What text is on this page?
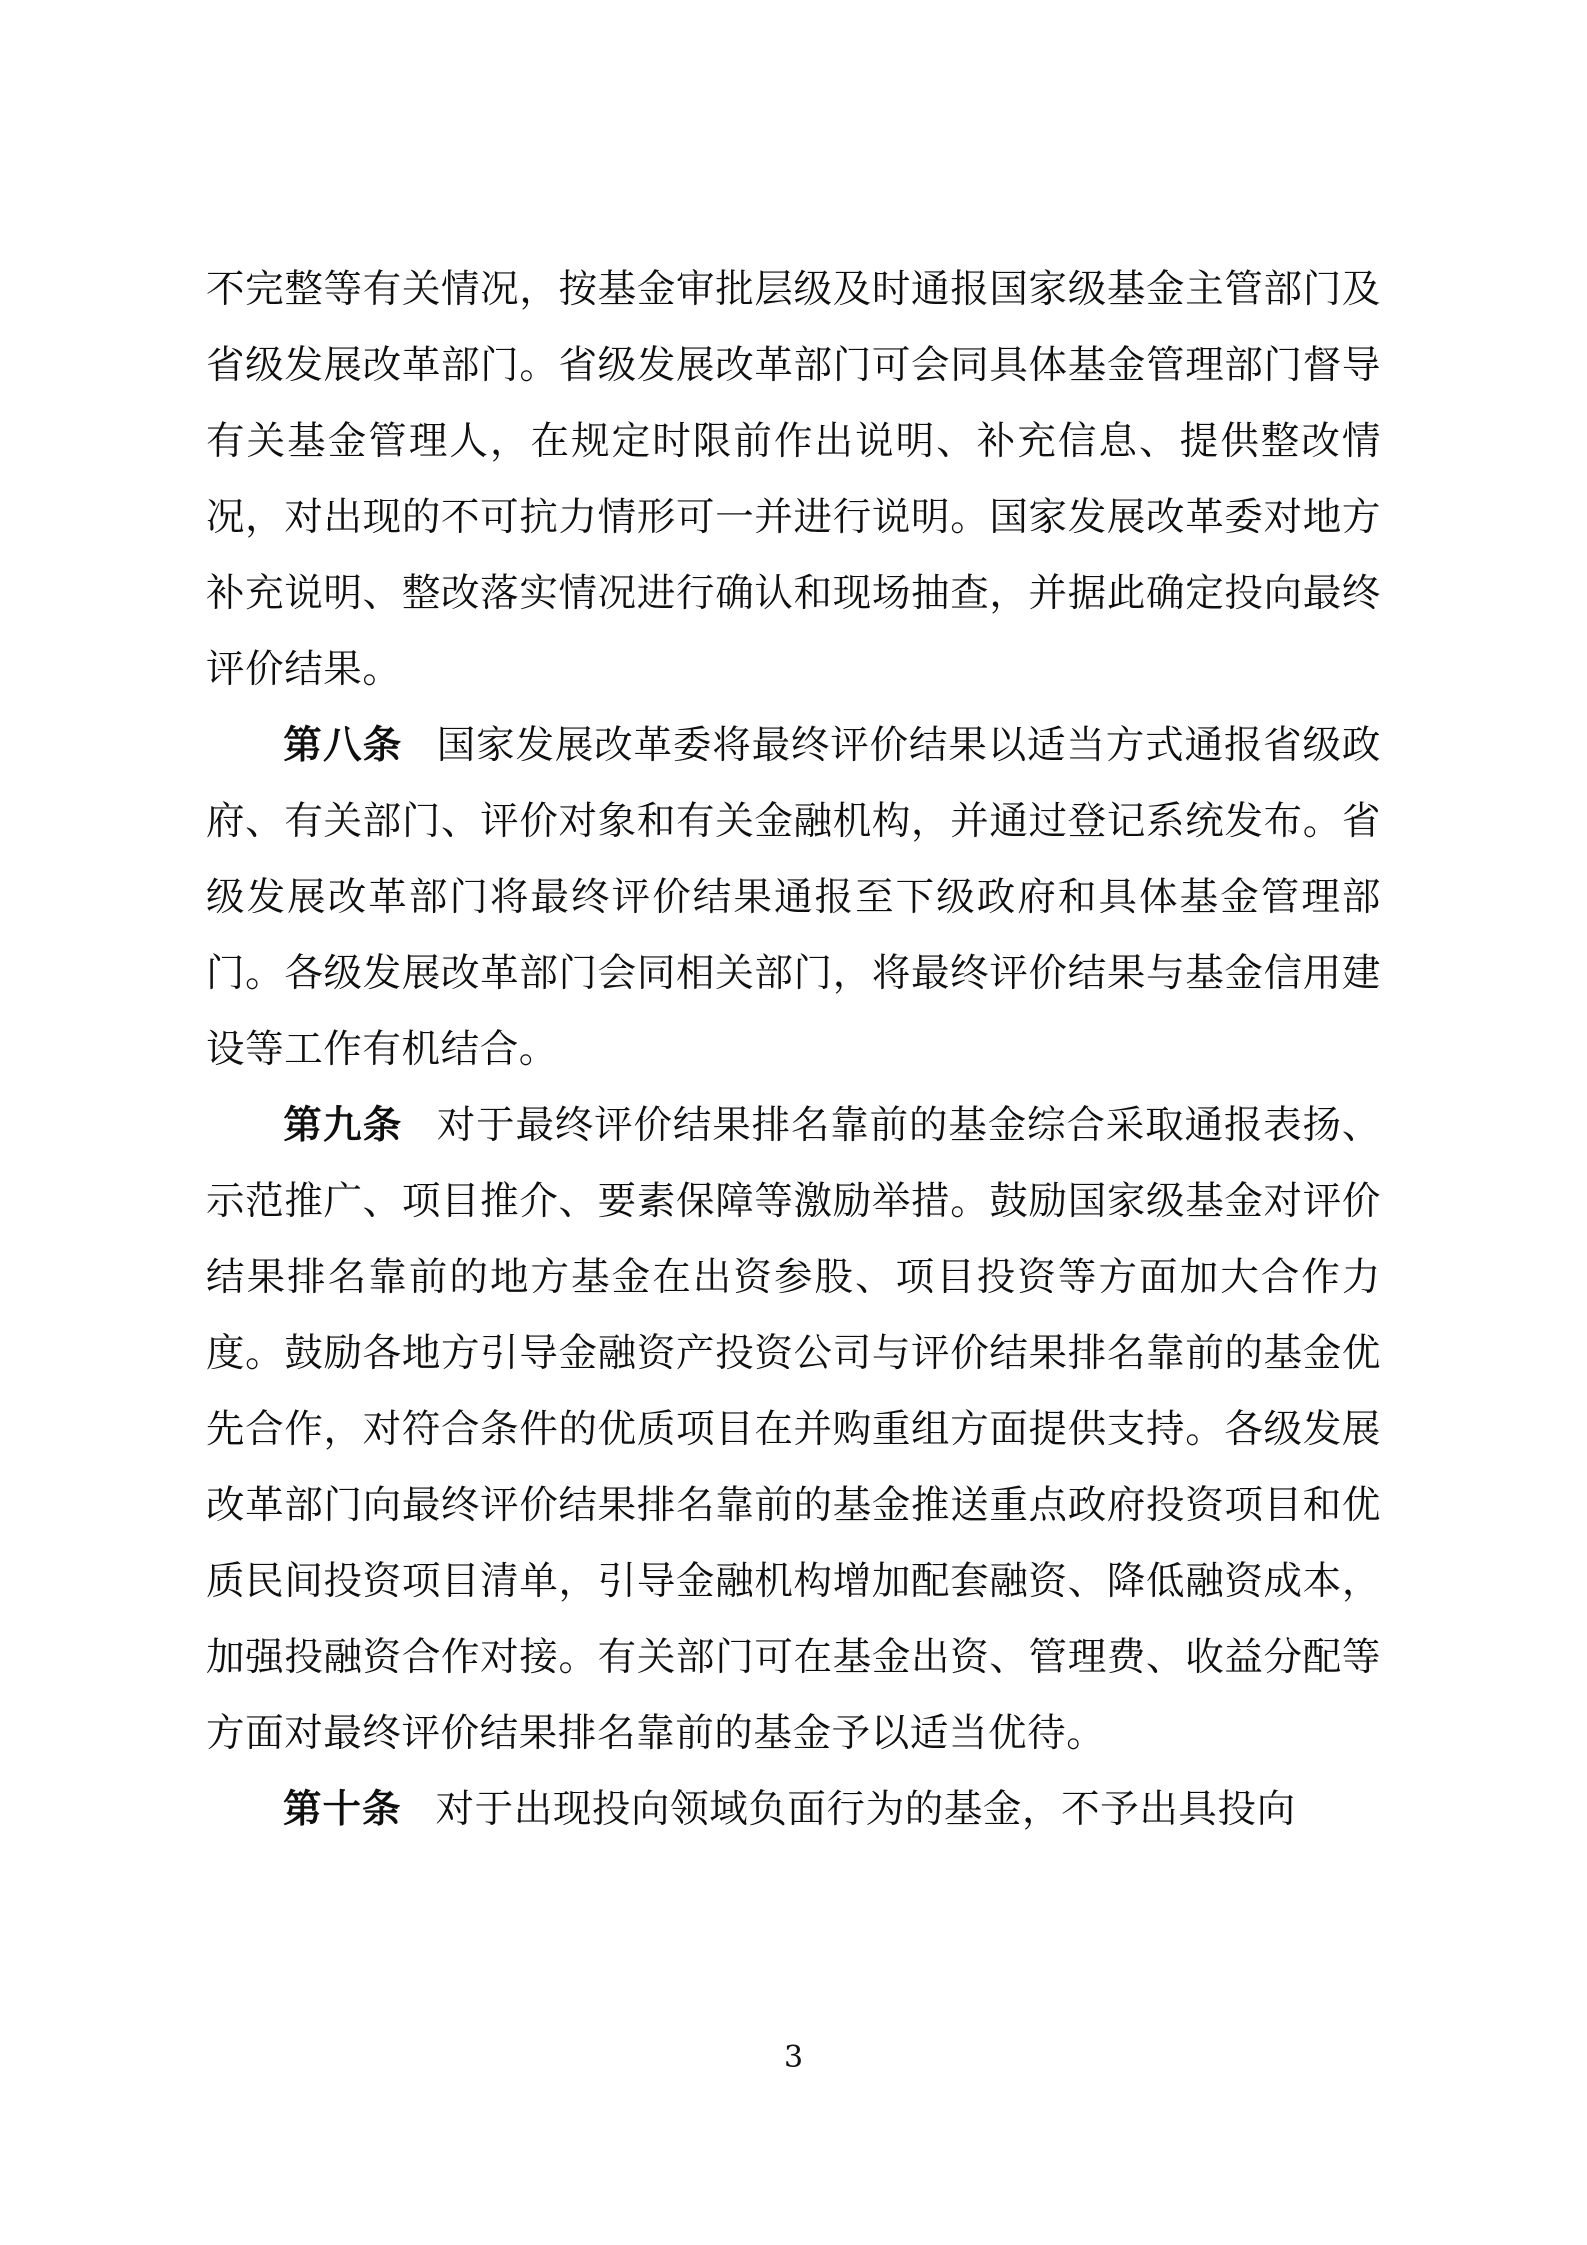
不完整等有关情况，按基金审批层级及时通报国家级基金主管部门及省级发展改革部门。省级发展改革部门可会同具体基金管理部门督导有关基金管理人，在规定时限前作出说明、补充信息、提供整改情况，对出现的不可抗力情形可一并进行说明。国家发展改革委对地方补充说明、整改落实情况进行确认和现场抽查，并据此确定投向最终评价结果。

第八条 国家发展改革委将最终评价结果以适当方式通报省级政府、有关部门、评价对象和有关金融机构，并通过登记系统发布。省级发展改革部门将最终评价结果通报至下级政府和具体基金管理部门。各级发展改革部门会同相关部门，将最终评价结果与基金信用建设等工作有机结合。

第九条 对于最终评价结果排名靠前的基金综合采取通报表扬、示范推广、项目推介、要素保障等激励举措。鼓励国家级基金对评价结果排名靠前的地方基金在出资参股、项目投资等方面加大合作力度。鼓励各地方引导金融资产投资公司与评价结果排名靠前的基金优先合作，对符合条件的优质项目在并购重组方面提供支持。各级发展改革部门向最终评价结果排名靠前的基金推送重点政府投资项目和优质民间投资项目清单，引导金融机构增加配套融资、降低融资成本，加强投融资合作对接。有关部门可在基金出资、管理费、收益分配等方面对最终评价结果排名靠前的基金予以适当优待。

第十条 对于出现投向领域负面行为的基金，不予出具投向

3
